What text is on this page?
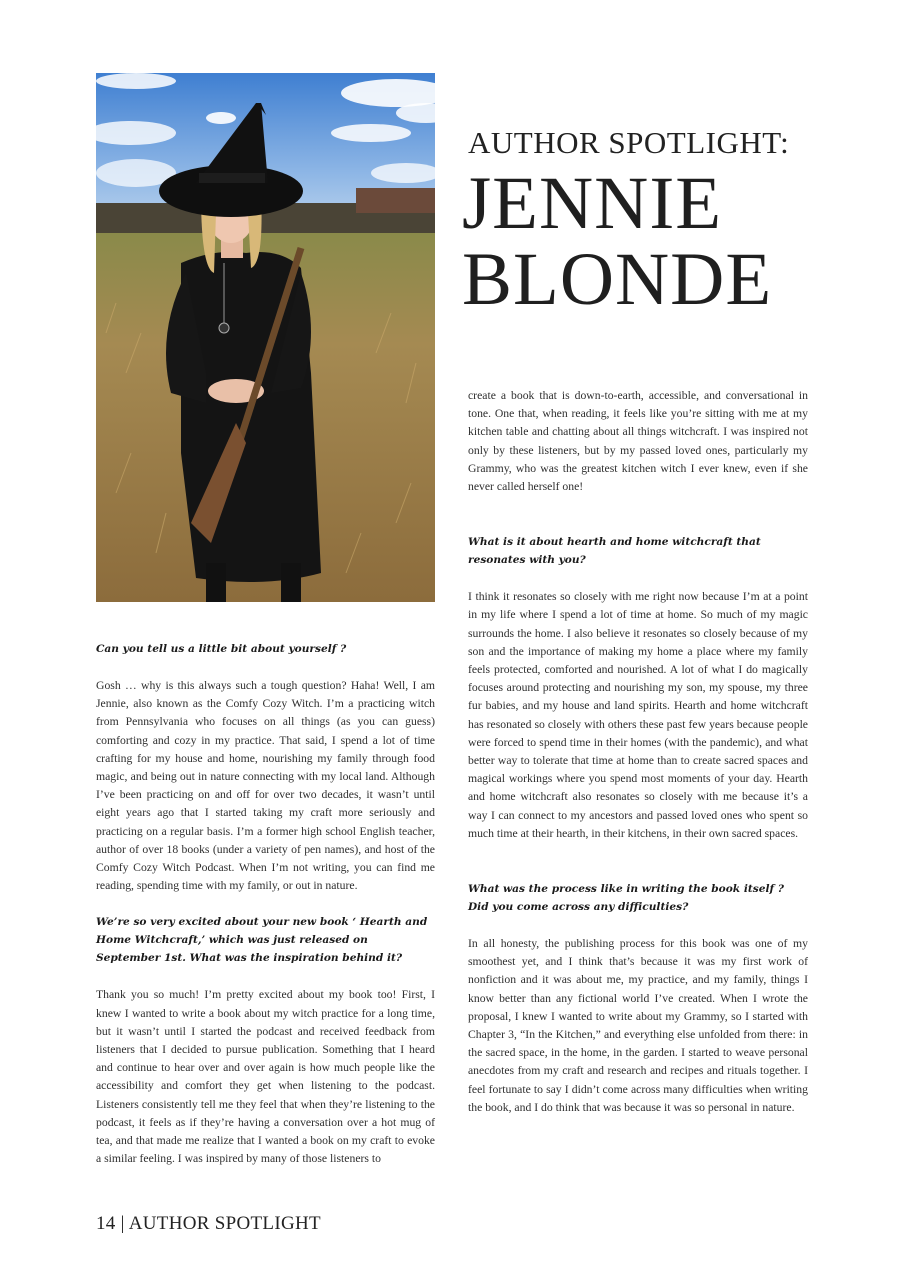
AUTHOR SPOTLIGHT:
JENNIE
BLONDE

Can you tell us a little bit about yourself ?

Gosh … why is this always such a tough question? Haha! Well, I am Jennie, also known as the Comfy Cozy Witch. I’m a practicing witch from Pennsylvania who focuses on all things (as you can guess) comforting and cozy in my practice. That said, I spend a lot of time crafting for my house and home, nourishing my family through food magic, and being out in nature connecting with my local land. Although I’ve been practicing on and off for over two decades, it wasn’t until eight years ago that I started taking my craft more seriously and practicing on a regular basis. I’m a former high school English teacher, author of over 18 books (under a variety of pen names), and host of the Comfy Cozy Witch Podcast. When I’m not writing, you can find me reading, spending time with my family, or out in nature.

We’re so very excited about your new book ‘ Hearth and Home Witchcraft,’ which was just released on September 1st. What was the inspiration behind it?

Thank you so much! I’m pretty excited about my book too! First, I knew I wanted to write a book about my witch practice for a long time, but it wasn’t until I started the podcast and received feedback from listeners that I decided to pursue publication. Something that I heard and continue to hear over and over again is how much people like the accessibility and comfort they get when listening to the podcast. Listeners consistently tell me they feel that when they’re listening to the podcast, it feels as if they’re having a conversation over a hot mug of tea, and that made me realize that I wanted a book on my craft to evoke a similar feeling. I was inspired by many of those listeners to

create a book that is down-to-earth, accessible, and conversational in tone. One that, when reading, it feels like you’re sitting with me at my kitchen table and chatting about all things witchcraft. I was inspired not only by these listeners, but by my passed loved ones, particularly my Grammy, who was the greatest kitchen witch I ever knew, even if she never called herself one!

What is it about hearth and home witchcraft that resonates with you?

I think it resonates so closely with me right now because I’m at a point in my life where I spend a lot of time at home. So much of my magic surrounds the home. I also believe it resonates so closely because of my son and the importance of making my home a place where my family feels protected, comforted and nourished. A lot of what I do magically focuses around protecting and nourishing my son, my spouse, my three fur babies, and my house and land spirits. Hearth and home witchcraft has resonated so closely with others these past few years because people were forced to spend time in their homes (with the pandemic), and what better way to tolerate that time at home than to create sacred spaces and magical workings where you spend most moments of your day. Hearth and home witchcraft also resonates so closely with me because it’s a way I can connect to my ancestors and passed loved ones who spent so much time at their hearth, in their kitchens, in their own sacred spaces.

What was the process like in writing the book itself ? Did you come across any difficulties?

In all honesty, the publishing process for this book was one of my smoothest yet, and I think that’s because it was my first work of nonfiction and it was about me, my practice, and my family, things I know better than any fictional world I’ve created. When I wrote the proposal, I knew I wanted to write about my Grammy, so I started with Chapter 3, “In the Kitchen,” and everything else unfolded from there: in the sacred space, in the home, in the garden. I started to weave personal anecdotes from my craft and research and recipes and rituals together. I feel fortunate to say I didn’t come across many difficulties when writing the book, and I do think that was because it was so personal in nature.

14 | AUTHOR SPOTLIGHT
